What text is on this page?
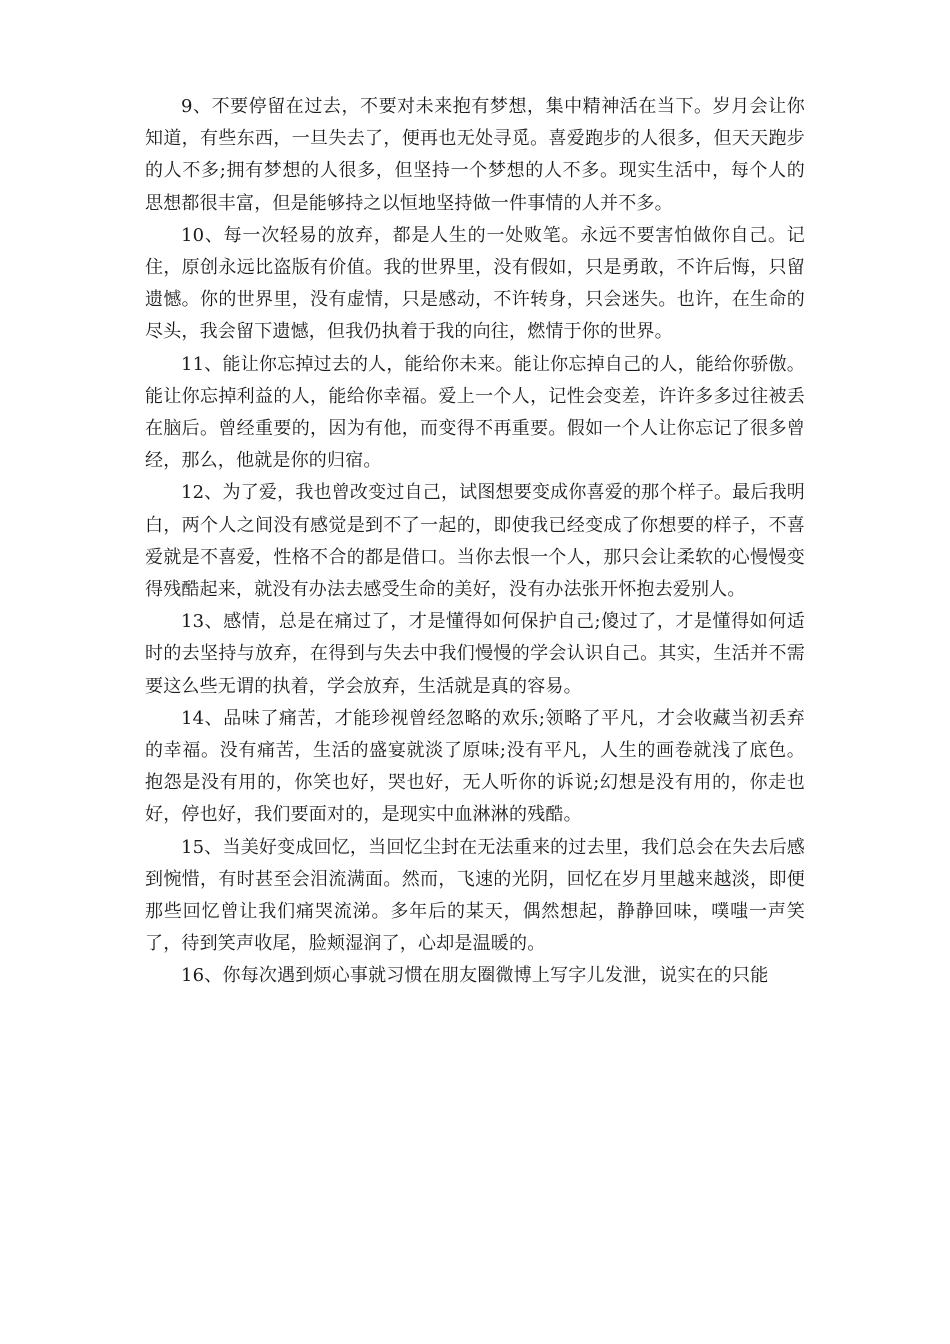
9、不要停留在过去，不要对未来抱有梦想，集中精神活在当下。岁月会让你知道，有些东西，一旦失去了，便再也无处寻觅。喜爱跑步的人很多，但天天跑步的人不多;拥有梦想的人很多，但坚持一个梦想的人不多。现实生活中，每个人的思想都很丰富，但是能够持之以恒地坚持做一件事情的人并不多。

10、每一次轻易的放弃，都是人生的一处败笔。永远不要害怕做你自己。记住，原创永远比盗版有价值。我的世界里，没有假如，只是勇敢，不许后悔，只留遗憾。你的世界里，没有虚情，只是感动，不许转身，只会迷失。也许，在生命的尽头，我会留下遗憾，但我仍执着于我的向往，燃情于你的世界。

11、能让你忘掉过去的人，能给你未来。能让你忘掉自己的人，能给你骄傲。能让你忘掉利益的人，能给你幸福。爱上一个人，记性会变差，许许多多过往被丢在脑后。曾经重要的，因为有他，而变得不再重要。假如一个人让你忘记了很多曾经，那么，他就是你的归宿。

12、为了爱，我也曾改变过自己，试图想要变成你喜爱的那个样子。最后我明白，两个人之间没有感觉是到不了一起的，即使我已经变成了你想要的样子，不喜爱就是不喜爱，性格不合的都是借口。当你去恨一个人，那只会让柔软的心慢慢变得残酷起来，就没有办法去感受生命的美好，没有办法张开怀抱去爱别人。

13、感情，总是在痛过了，才是懂得如何保护自己;傻过了，才是懂得如何适时的去坚持与放弃，在得到与失去中我们慢慢的学会认识自己。其实，生活并不需要这么些无谓的执着，学会放弃，生活就是真的容易。

14、品味了痛苦，才能珍视曾经忽略的欢乐;领略了平凡，才会收藏当初丢弃的幸福。没有痛苦，生活的盛宴就淡了原味;没有平凡，人生的画卷就浅了底色。抱怨是没有用的，你笑也好，哭也好，无人听你的诉说;幻想是没有用的，你走也好，停也好，我们要面对的，是现实中血淋淋的残酷。

15、当美好变成回忆，当回忆尘封在无法重来的过去里，我们总会在失去后感到惋惜，有时甚至会泪流满面。然而，飞速的光阴，回忆在岁月里越来越淡，即便那些回忆曾让我们痛哭流涕。多年后的某天，偶然想起，静静回味，噗嗤一声笑了，待到笑声收尾，脸颊湿润了，心却是温暖的。

16、你每次遇到烦心事就习惯在朋友圈微博上写字儿发泄，说实在的只能
